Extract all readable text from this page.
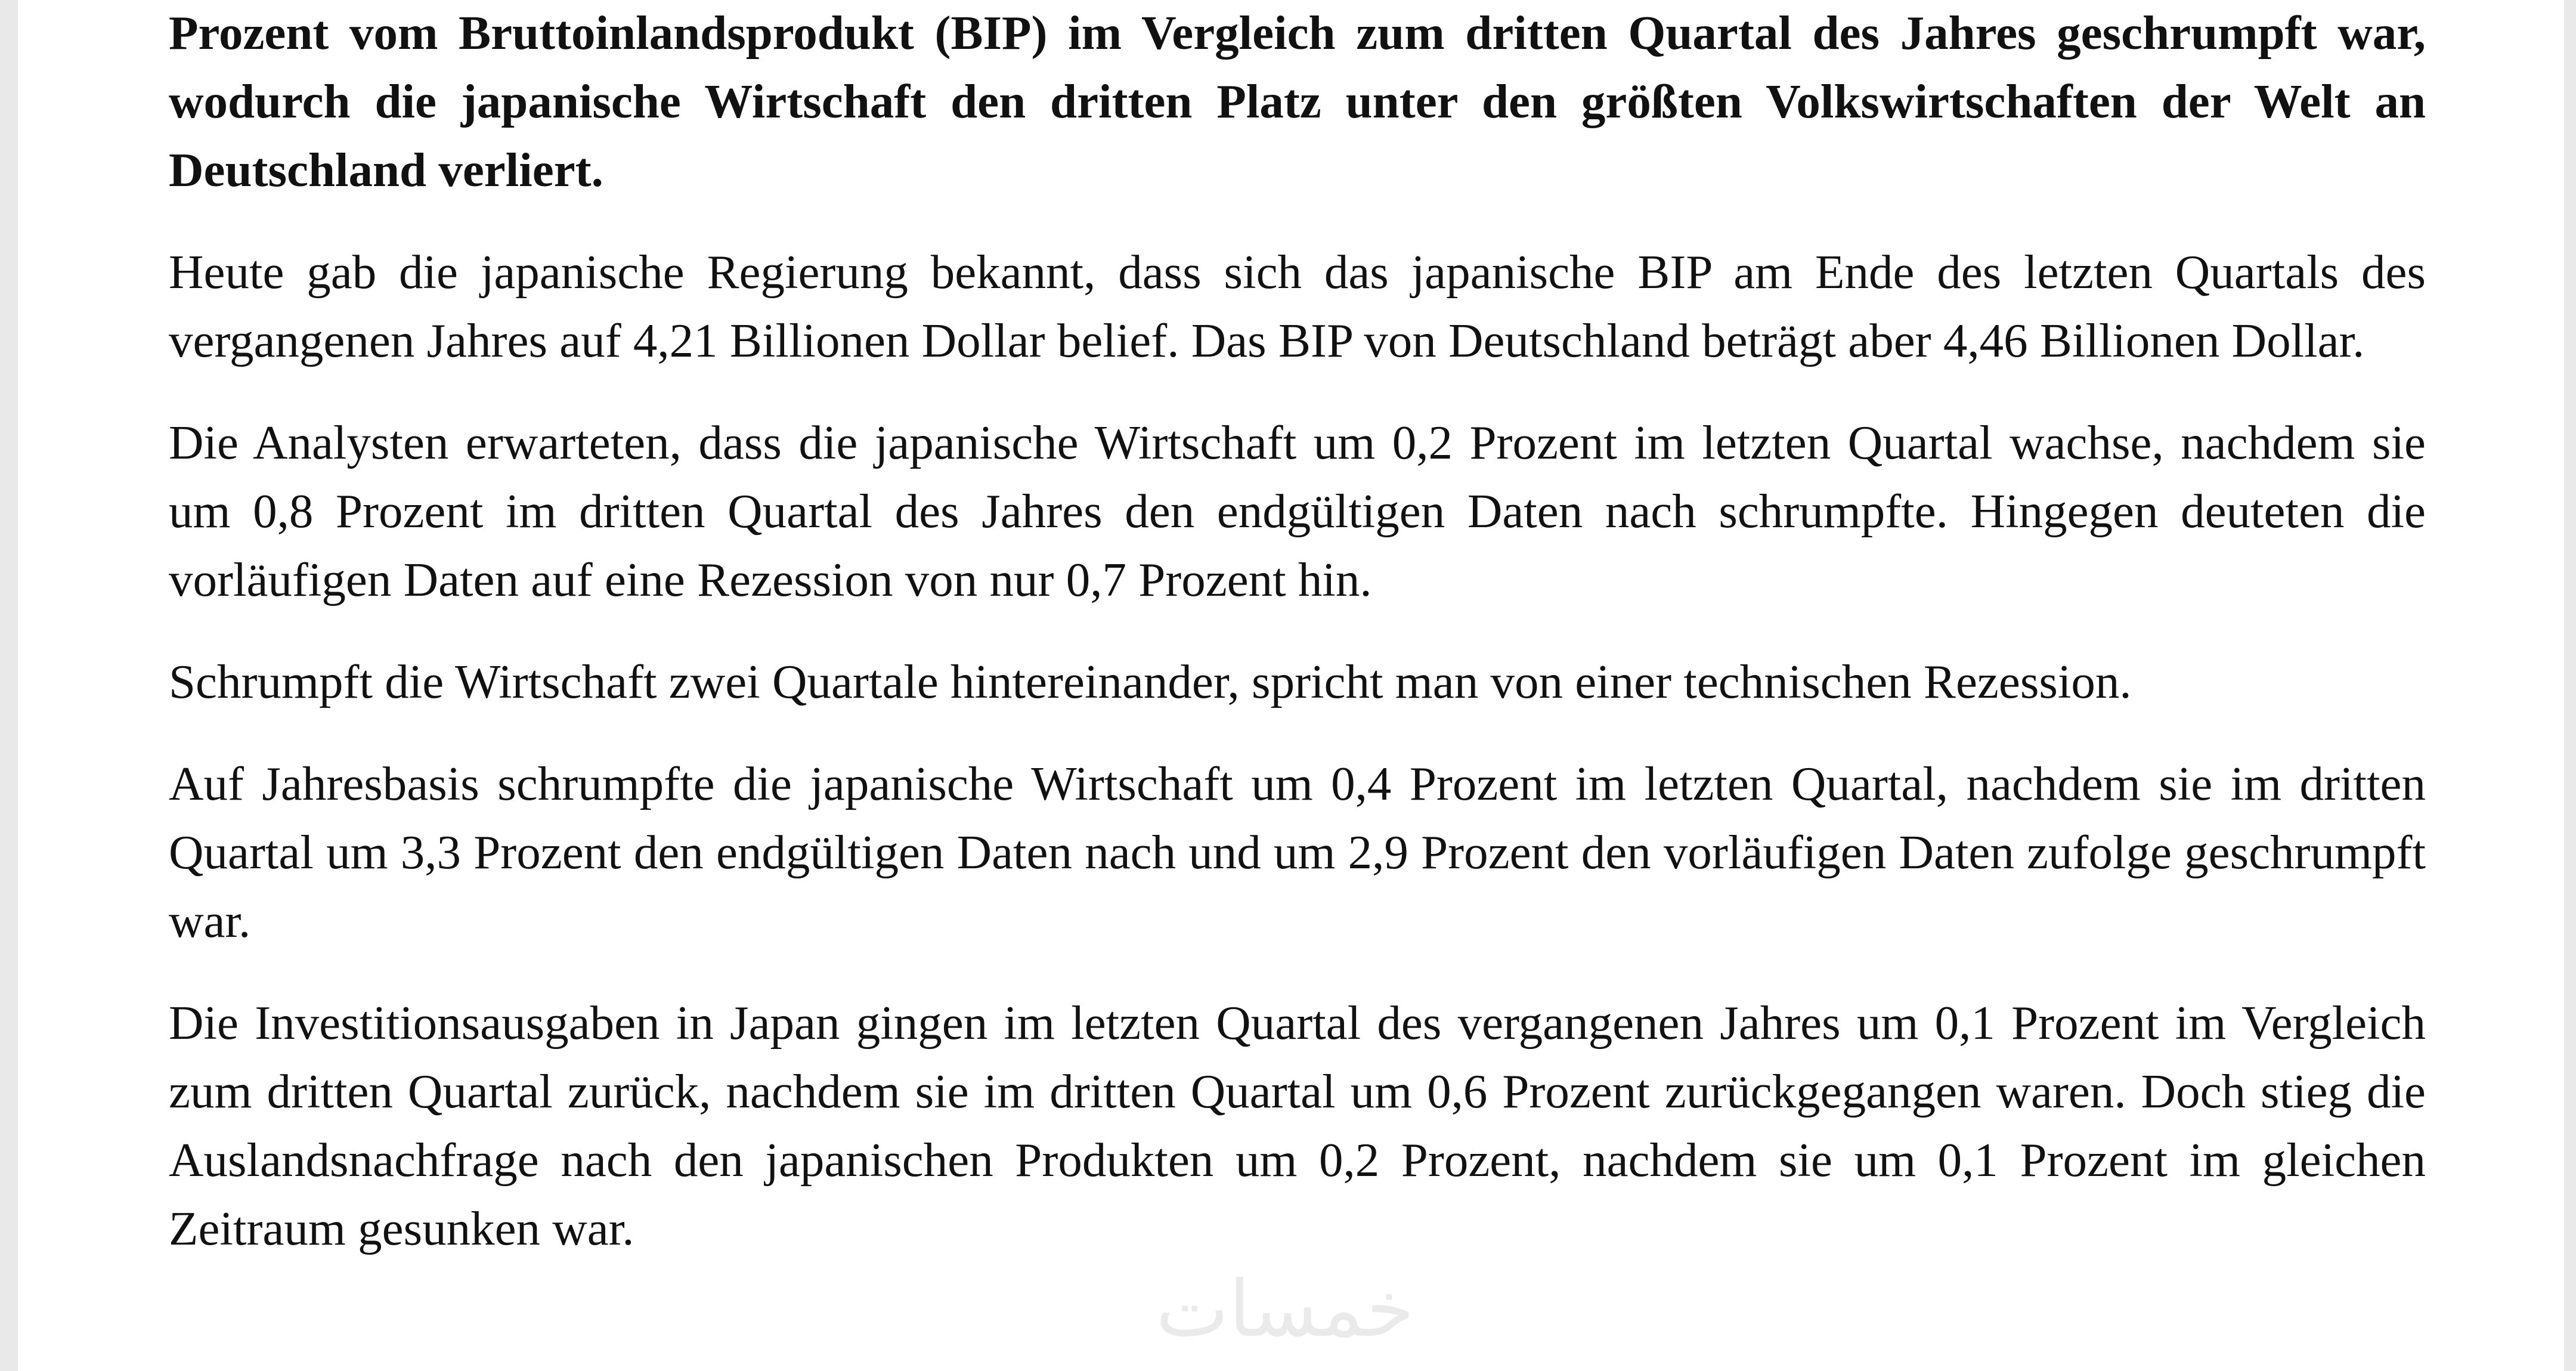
Prozent vom Bruttoinlandsprodukt (BIP) im Vergleich zum dritten Quartal des Jahres geschrumpft war, wodurch die japanische Wirtschaft den dritten Platz unter den größten Volkswirtschaften der Welt an Deutschland verliert.

Heute gab die japanische Regierung bekannt, dass sich das japanische BIP am Ende des letzten Quartals des vergangenen Jahres auf 4,21 Billionen Dollar belief. Das BIP von Deutschland beträgt aber 4,46 Billionen Dollar.

Die Analysten erwarteten, dass die japanische Wirtschaft um 0,2 Prozent im letzten Quartal wachse, nachdem sie um 0,8 Prozent im dritten Quartal des Jahres den endgültigen Daten nach schrumpfte. Hingegen deuteten die vorläufigen Daten auf eine Rezession von nur 0,7 Prozent hin.

Schrumpft die Wirtschaft zwei Quartale hintereinander, spricht man von einer technischen Rezession.

Auf Jahresbasis schrumpfte die japanische Wirtschaft um 0,4 Prozent im letzten Quartal, nachdem sie im dritten Quartal um 3,3 Prozent den endgültigen Daten nach und um 2,9 Prozent den vorläufigen Daten zufolge geschrumpft war.

Die Investitionsausgaben in Japan gingen im letzten Quartal des vergangenen Jahres um 0,1 Prozent im Vergleich zum dritten Quartal zurück, nachdem sie im dritten Quartal um 0,6 Prozent zurückgegangen waren. Doch stieg die Auslandsnachfrage nach den japanischen Produkten um 0,2 Prozent, nachdem sie um 0,1 Prozent im gleichen Zeitraum gesunken war.

خمسات
